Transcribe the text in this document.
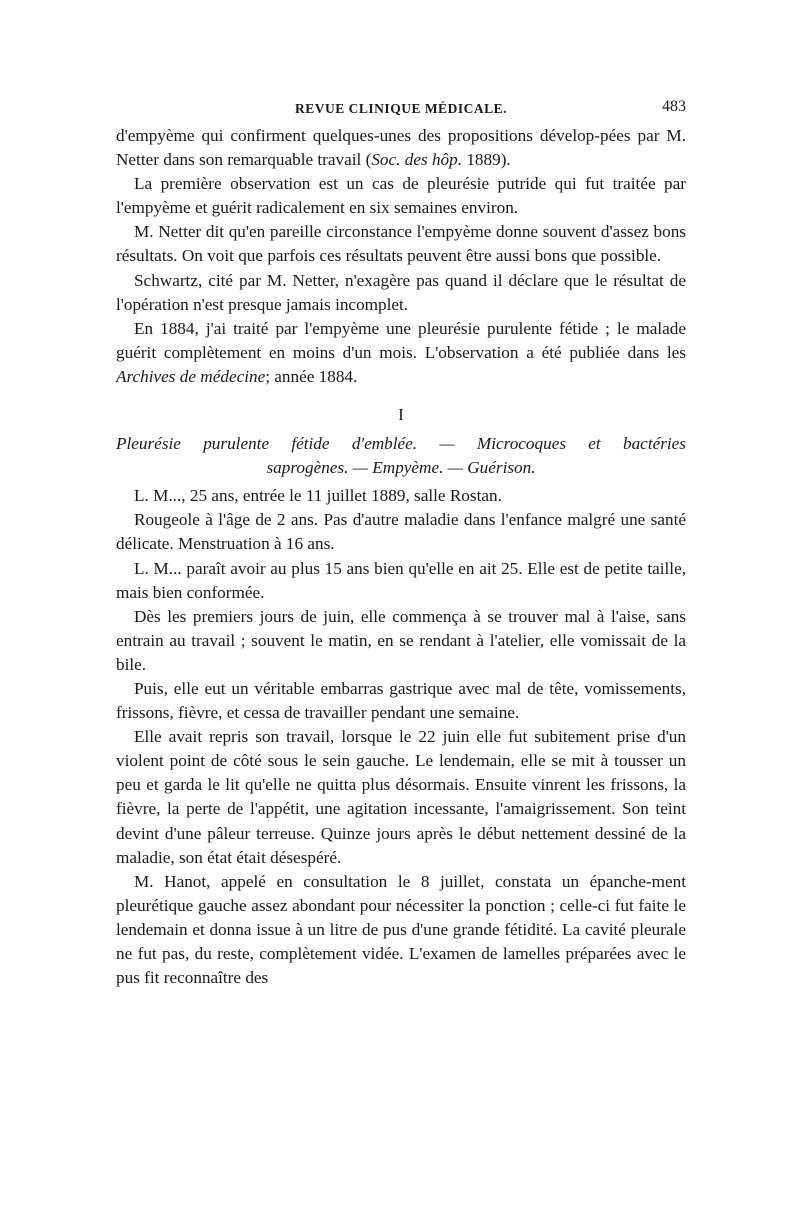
REVUE CLINIQUE MÉDICALE.	483

d'empyème qui confirment quelques-unes des propositions dévelop-pées par M. Netter dans son remarquable travail (Soc. des hôp. 1889).

La première observation est un cas de pleurésie putride qui fut traitée par l'empyème et guérit radicalement en six semaines environ.

M. Netter dit qu'en pareille circonstance l'empyème donne souvent d'assez bons résultats. On voit que parfois ces résultats peuvent être aussi bons que possible.

Schwartz, cité par M. Netter, n'exagère pas quand il déclare que le résultat de l'opération n'est presque jamais incomplet.

En 1884, j'ai traité par l'empyème une pleurésie purulente fétide ; le malade guérit complètement en moins d'un mois. L'observation a été publiée dans les Archives de médecine; année 1884.

I
Pleurésie purulente fétide d'emblée. — Microcoques et bactéries
saprogènes. — Empyème. — Guérison.

L. M..., 25 ans, entrée le 11 juillet 1889, salle Rostan.

Rougeole à l'âge de 2 ans. Pas d'autre maladie dans l'enfance malgré une santé délicate. Menstruation à 16 ans.

L. M... paraît avoir au plus 15 ans bien qu'elle en ait 25. Elle est de petite taille, mais bien conformée.

Dès les premiers jours de juin, elle commença à se trouver mal à l'aise, sans entrain au travail ; souvent le matin, en se rendant à l'atelier, elle vomissait de la bile.

Puis, elle eut un véritable embarras gastrique avec mal de tête, vomissements, frissons, fièvre, et cessa de travailler pendant une semaine.

Elle avait repris son travail, lorsque le 22 juin elle fut subitement prise d'un violent point de côté sous le sein gauche. Le lendemain, elle se mit à tousser un peu et garda le lit qu'elle ne quitta plus désormais. Ensuite vinrent les frissons, la fièvre, la perte de l'appétit, une agitation incessante, l'amaigrissement. Son teint devint d'une pâleur terreuse. Quinze jours après le début nettement dessiné de la maladie, son état était désespéré.

M. Hanot, appelé en consultation le 8 juillet, constata un épanche-ment pleurétique gauche assez abondant pour nécessiter la ponction ; celle-ci fut faite le lendemain et donna issue à un litre de pus d'une grande fétidité. La cavité pleurale ne fut pas, du reste, complètement vidée. L'examen de lamelles préparées avec le pus fit reconnaître des
